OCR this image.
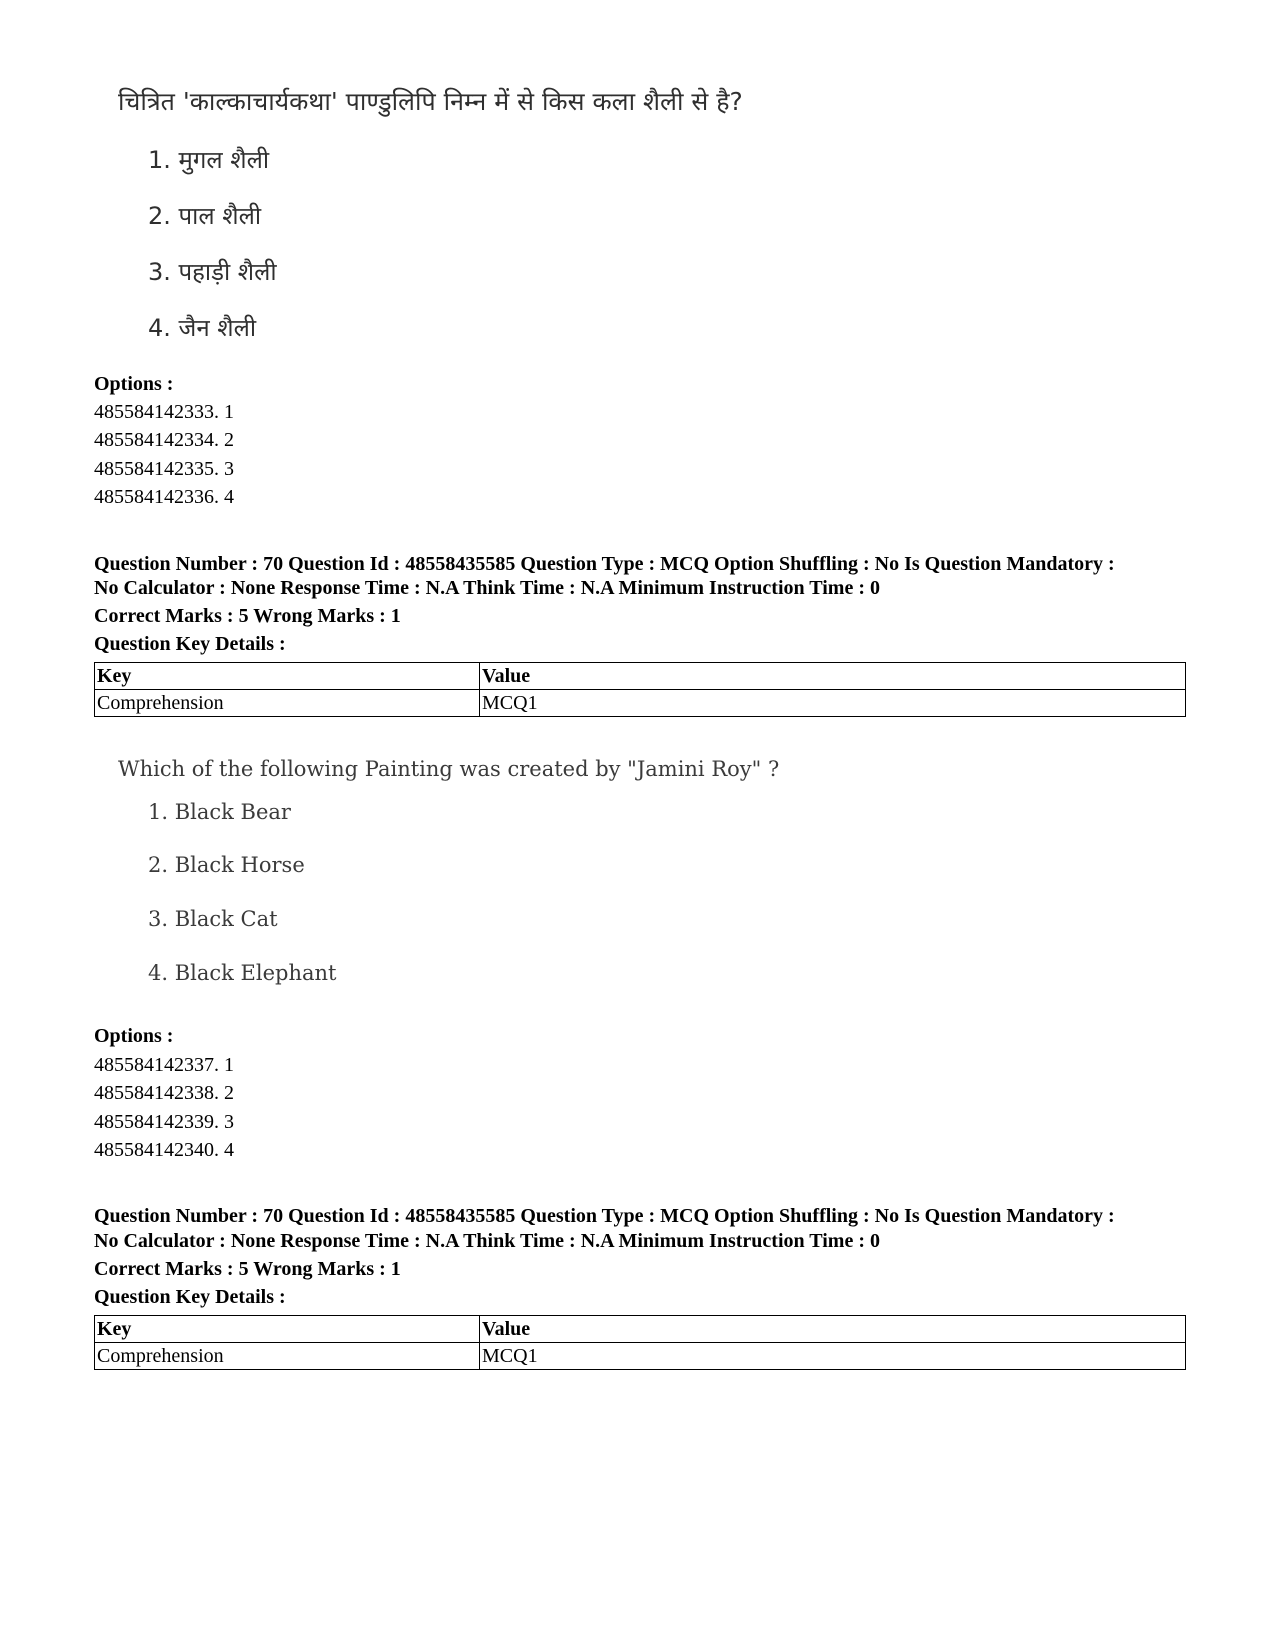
चित्रित 'काल्काचार्यकथा' पाण्डुलिपि निम्न में से किस कला शैली से है?
1. मुगल शैली
2. पाल शैली
3. पहाड़ी शैली
4. जैन शैली
Options :
485584142333. 1
485584142334. 2
485584142335. 3
485584142336. 4
Question Number : 70 Question Id : 48558435585 Question Type : MCQ Option Shuffling : No Is Question Mandatory :
No Calculator : None Response Time : N.A Think Time : N.A Minimum Instruction Time : 0
Correct Marks : 5 Wrong Marks : 1
Question Key Details :
Key	Value
Comprehension	MCQ1
Which of the following Painting was created by "Jamini Roy" ?
1. Black Bear
2. Black Horse
3. Black Cat
4. Black Elephant
Options :
485584142337. 1
485584142338. 2
485584142339. 3
485584142340. 4
Question Number : 70 Question Id : 48558435585 Question Type : MCQ Option Shuffling : No Is Question Mandatory :
No Calculator : None Response Time : N.A Think Time : N.A Minimum Instruction Time : 0
Correct Marks : 5 Wrong Marks : 1
Question Key Details :
Key	Value
Comprehension	MCQ1
